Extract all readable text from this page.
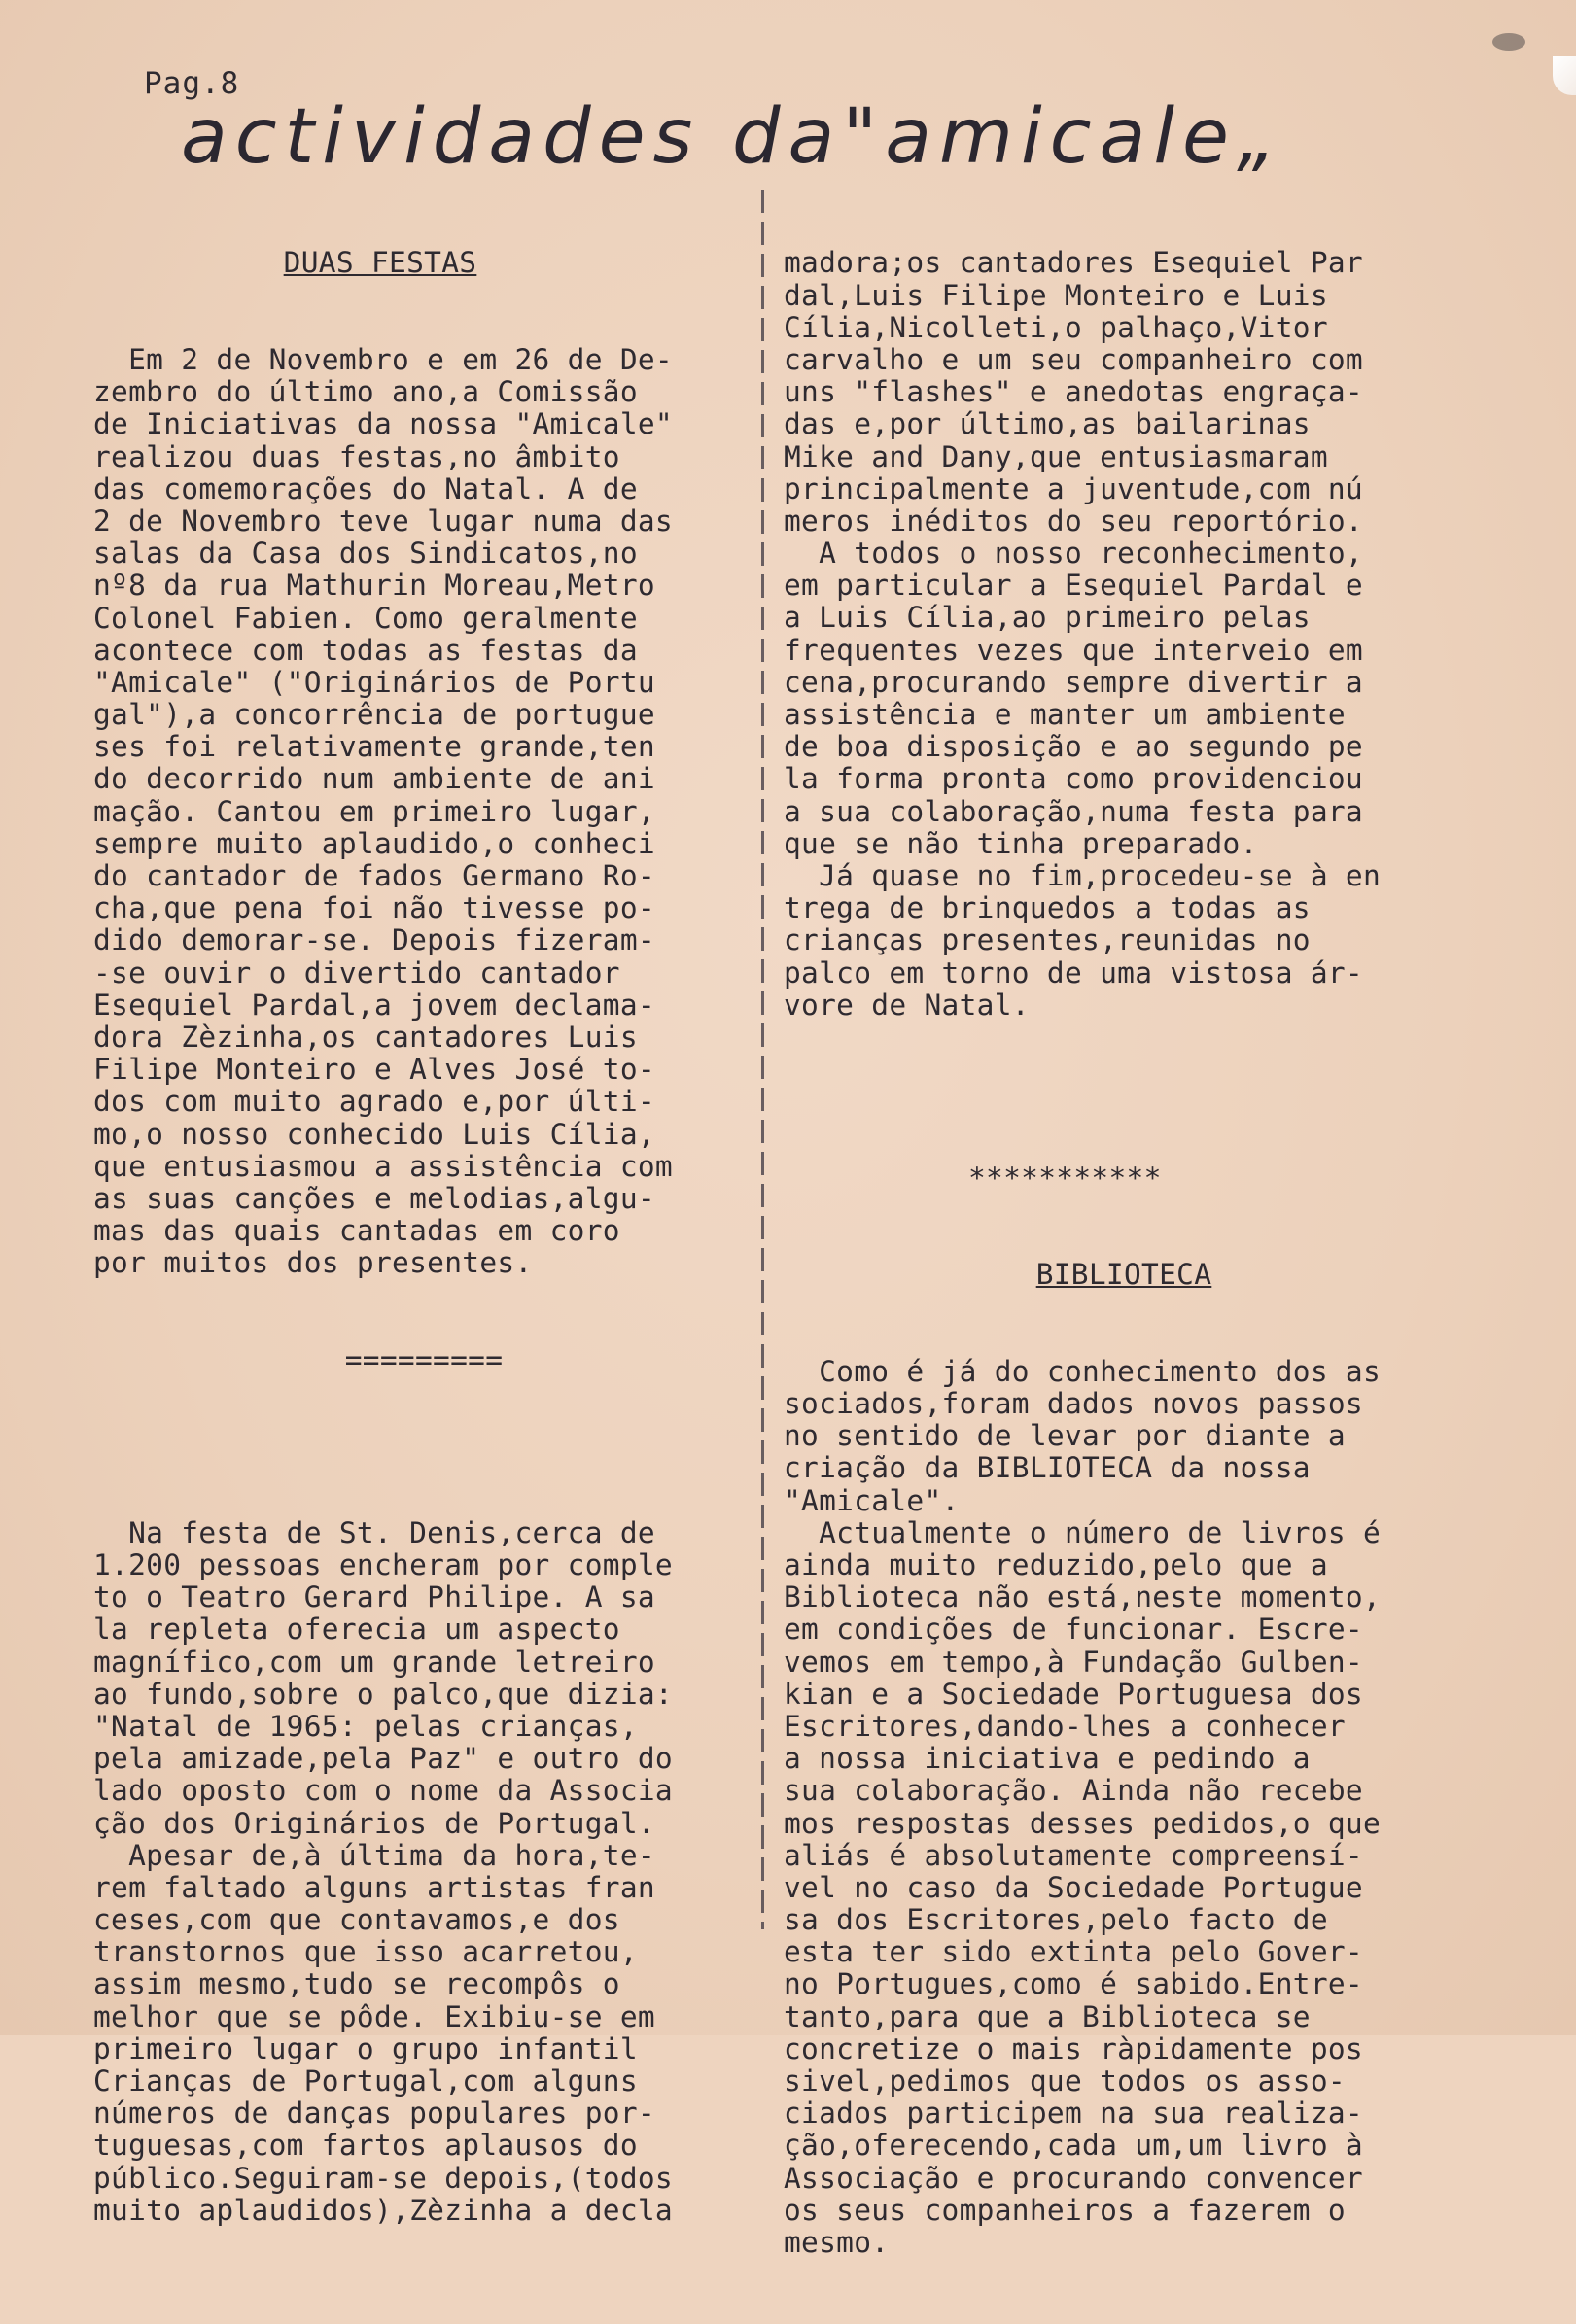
Pag.8
actividades da"amicale„

DUAS FESTAS

Em 2 de Novembro e em 26 de De-
zembro do último ano,a Comissão
de Iniciativas da nossa "Amicale"
realizou duas festas,no âmbito
das comemorações do Natal. A de
2 de Novembro teve lugar numa das
salas da Casa dos Sindicatos,no
nº8 da rua Mathurin Moreau,Metro
Colonel Fabien. Como geralmente
acontece com todas as festas da
"Amicale" ("Originários de Portu
gal"),a concorrência de portugue
ses foi relativamente grande,ten
do decorrido num ambiente de ani
mação. Cantou em primeiro lugar,
sempre muito aplaudido,o conheci
do cantador de fados Germano Ro-
cha,que pena foi não tivesse po-
dido demorar-se. Depois fizeram-
-se ouvir o divertido cantador
Esequiel Pardal,a jovem declama-
dora Zèzinha,os cantadores Luis
Filipe Monteiro e Alves José to-
dos com muito agrado e,por últi-
mo,o nosso conhecido Luis Cília,
que entusiasmou a assistência com
as suas canções e melodias,algu-
mas das quais cantadas em coro
por muitos dos presentes.

=========

Na festa de St. Denis,cerca de
1.200 pessoas encheram por comple
to o Teatro Gerard Philipe. A sa
la repleta oferecia um aspecto
magnífico,com um grande letreiro
ao fundo,sobre o palco,que dizia:
"Natal de 1965: pelas crianças,
pela amizade,pela Paz" e outro do
lado oposto com o nome da Associa
ção dos Originários de Portugal.
Apesar de,à última da hora,te-
rem faltado alguns artistas fran
ceses,com que contavamos,e dos
transtornos que isso acarretou,
assim mesmo,tudo se recompôs o
melhor que se pôde. Exibiu-se em
primeiro lugar o grupo infantil
Crianças de Portugal,com alguns
números de danças populares por-
tuguesas,com fartos aplausos do
público.Seguiram-se depois,(todos
muito aplaudidos),Zèzinha a decla

madora;os cantadores Esequiel Par
dal,Luis Filipe Monteiro e Luis
Cília,Nicolleti,o palhaço,Vitor
carvalho e um seu companheiro com
uns "flashes" e anedotas engraça-
das e,por último,as bailarinas
Mike and Dany,que entusiasmaram
principalmente a juventude,com nú
meros inéditos do seu reportório.
A todos o nosso reconhecimento,
em particular a Esequiel Pardal e
a Luis Cília,ao primeiro pelas
frequentes vezes que interveio em
cena,procurando sempre divertir a
assistência e manter um ambiente
de boa disposição e ao segundo pe
la forma pronta como providenciou
a sua colaboração,numa festa para
que se não tinha preparado.
Já quase no fim,procedeu-se à en
trega de brinquedos a todas as
crianças presentes,reunidas no
palco em torno de uma vistosa ár-
vore de Natal.

***********

BIBLIOTECA

Como é já do conhecimento dos as
sociados,foram dados novos passos
no sentido de levar por diante a
criação da BIBLIOTECA da nossa
"Amicale".
Actualmente o número de livros é
ainda muito reduzido,pelo que a
Biblioteca não está,neste momento,
em condições de funcionar. Escre-
vemos em tempo,à Fundação Gulben-
kian e a Sociedade Portuguesa dos
Escritores,dando-lhes a conhecer
a nossa iniciativa e pedindo a
sua colaboração. Ainda não recebe
mos respostas desses pedidos,o que
aliás é absolutamente compreensí-
vel no caso da Sociedade Portugue
sa dos Escritores,pelo facto de
esta ter sido extinta pelo Gover-
no Portugues,como é sabido.Entre-
tanto,para que a Biblioteca se
concretize o mais ràpidamente pos
sivel,pedimos que todos os asso-
ciados participem na sua realiza-
ção,oferecendo,cada um,um livro à
Associação e procurando convencer
os seus companheiros a fazerem o
mesmo.
